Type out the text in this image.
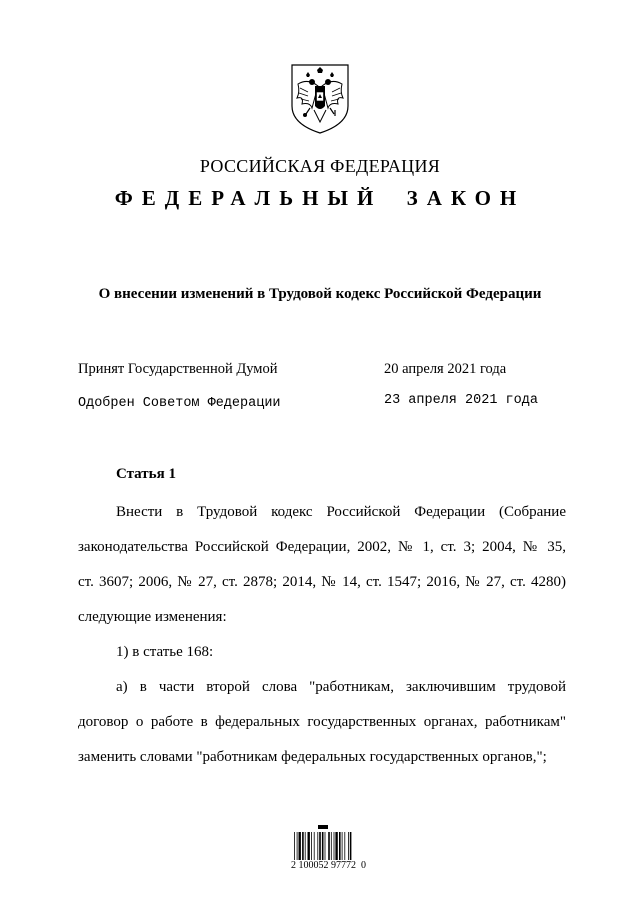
РОССИЙСКАЯ ФЕДЕРАЦИЯ
ФЕДЕРАЛЬНЫЙ ЗАКОН
О внесении изменений в Трудовой кодекс Российской Федерации
Принят Государственной Думой	20 апреля 2021 года
Одобрен Советом Федерации	23 апреля 2021 года
Статья 1
Внести в Трудовой кодекс Российской Федерации (Собрание
законодательства Российской Федерации, 2002, № 1, ст. 3; 2004, № 35,
ст. 3607; 2006, № 27, ст. 2878; 2014, № 14, ст. 1547; 2016, № 27, ст. 4280)
следующие изменения:
1) в статье 168:
а) в части второй слова "работникам, заключившим трудовой
договор о работе в федеральных государственных органах, работникам"
заменить словами "работникам федеральных государственных органов,";
2 100052 97772  0
